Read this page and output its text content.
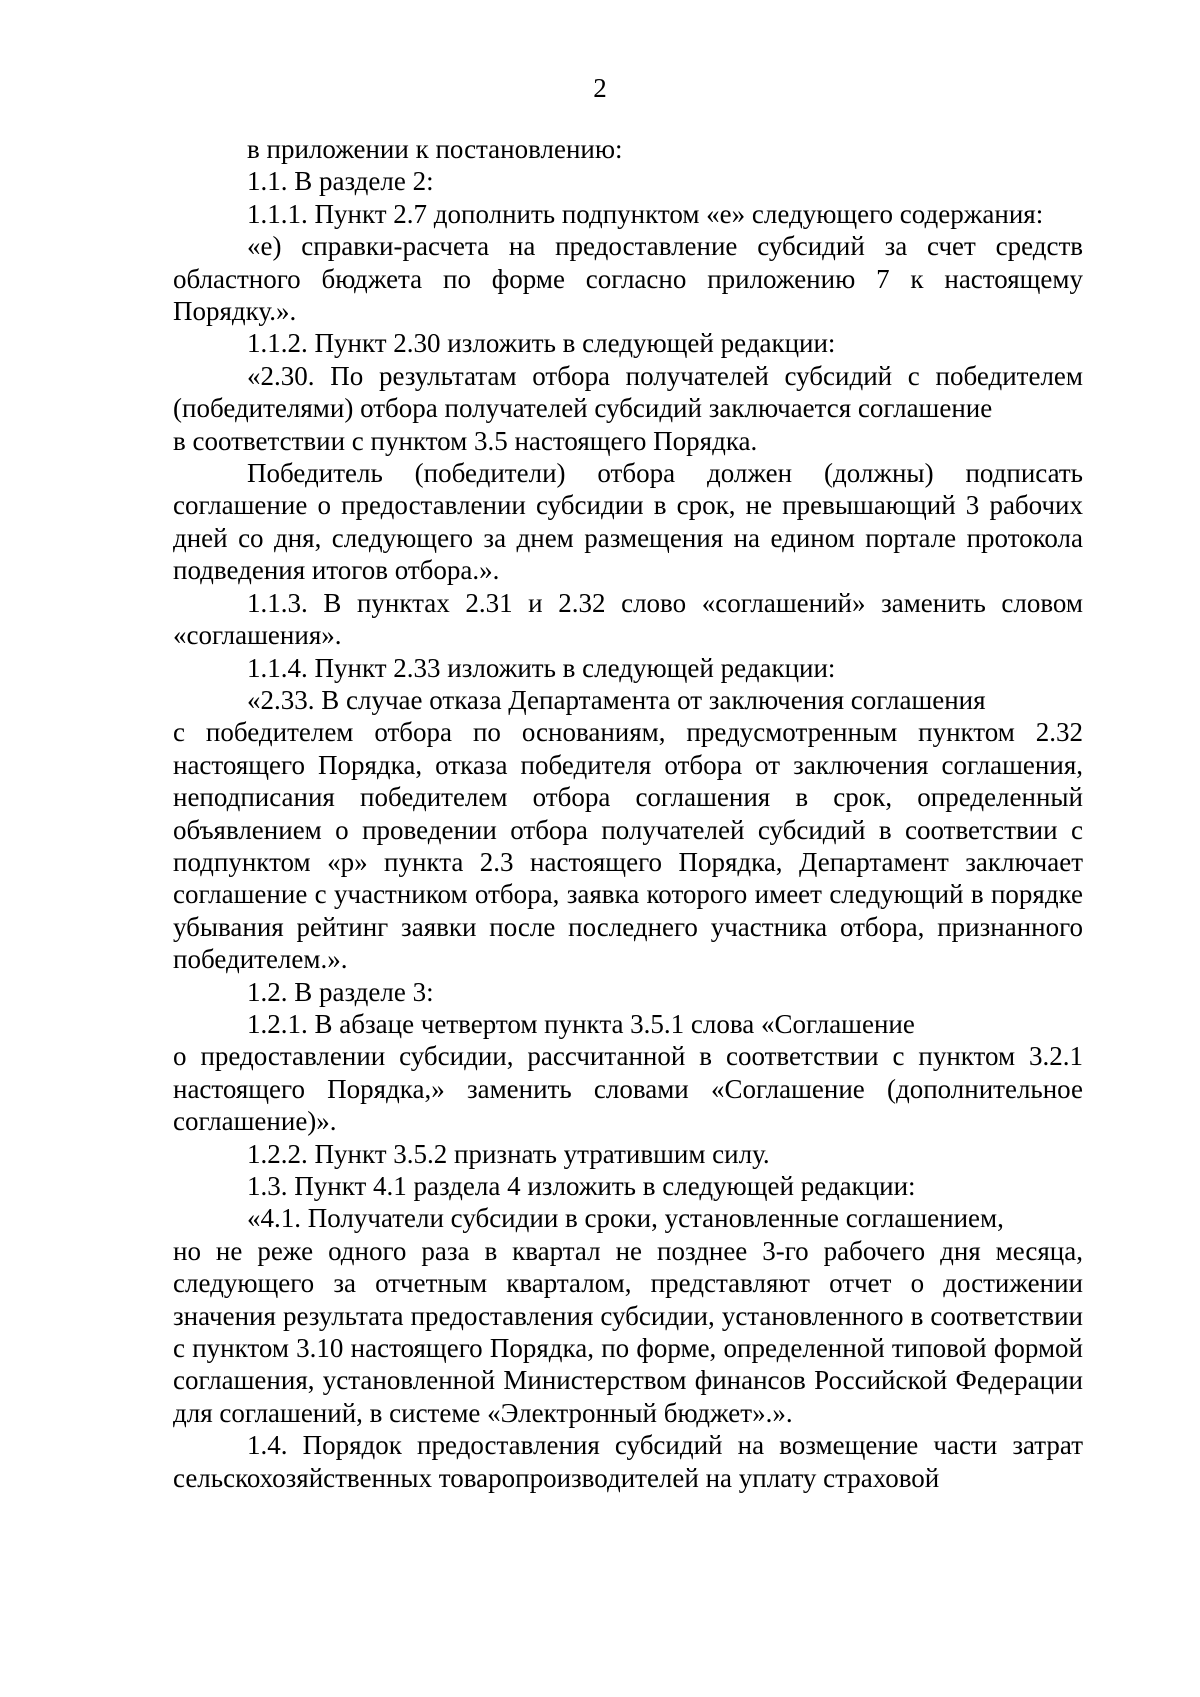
2

в приложении к постановлению:

1.1. В разделе 2:

1.1.1. Пункт 2.7 дополнить подпунктом «е» следующего содержания:

«е) справки-расчета на предоставление субсидий за счет средств областного бюджета по форме согласно приложению 7 к настоящему Порядку.».

1.1.2. Пункт 2.30 изложить в следующей редакции:

«2.30. По результатам отбора получателей субсидий с победителем (победителями) отбора получателей субсидий заключается соглашение
в соответствии с пунктом 3.5 настоящего Порядка.

Победитель (победители) отбора должен (должны) подписать соглашение о предоставлении субсидии в срок, не превышающий 3 рабочих дней со дня, следующего за днем размещения на едином портале протокола подведения итогов отбора.».

1.1.3. В пунктах 2.31 и 2.32 слово «соглашений» заменить словом «соглашения».

1.1.4. Пункт 2.33 изложить в следующей редакции:

«2.33. В случае отказа Департамента от заключения соглашения
с победителем отбора по основаниям, предусмотренным пунктом 2.32 настоящего Порядка, отказа победителя отбора от заключения соглашения, неподписания победителем отбора соглашения в срок, определенный объявлением о проведении отбора получателей субсидий в соответствии с подпунктом «р» пункта 2.3 настоящего Порядка, Департамент заключает соглашение с участником отбора, заявка которого имеет следующий в порядке убывания рейтинг заявки после последнего участника отбора, признанного победителем.».

1.2. В разделе 3:

1.2.1. В абзаце четвертом пункта 3.5.1 слова «Соглашение
о предоставлении субсидии, рассчитанной в соответствии с пунктом 3.2.1 настоящего Порядка,» заменить словами «Соглашение (дополнительное соглашение)».

1.2.2. Пункт 3.5.2 признать утратившим силу.

1.3. Пункт 4.1 раздела 4 изложить в следующей редакции:

«4.1. Получатели субсидии в сроки, установленные соглашением,
но не реже одного раза в квартал не позднее 3-го рабочего дня месяца, следующего за отчетным кварталом, представляют отчет о достижении значения результата предоставления субсидии, установленного в соответствии с пунктом 3.10 настоящего Порядка, по форме, определенной типовой формой соглашения, установленной Министерством финансов Российской Федерации для соглашений, в системе «Электронный бюджет».».

1.4. Порядок предоставления субсидий на возмещение части затрат сельскохозяйственных товаропроизводителей на уплату страховой
